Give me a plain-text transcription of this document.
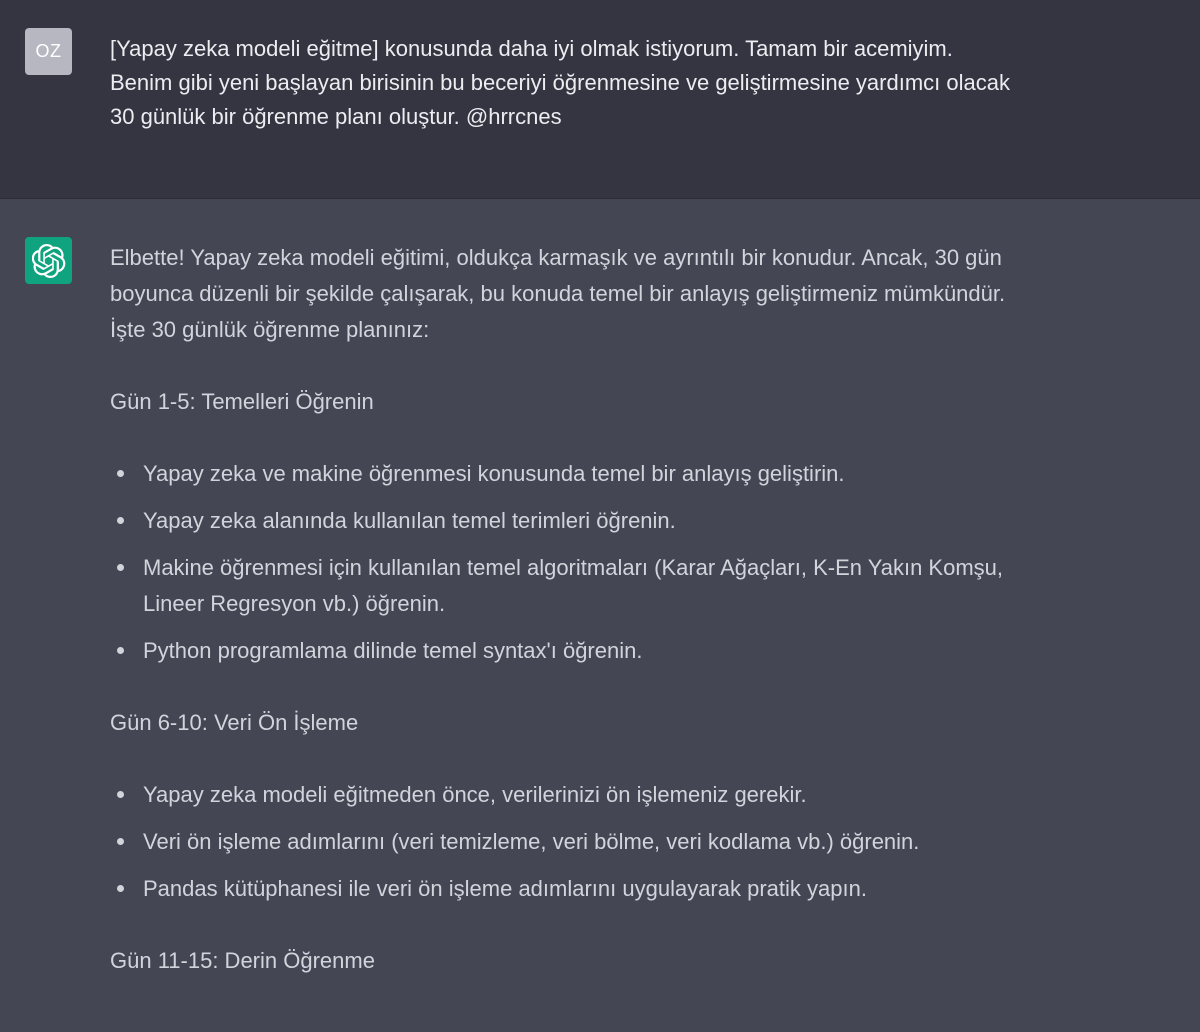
OZ	[Yapay zeka modeli eğitme] konusunda daha iyi olmak istiyorum. Tamam bir acemiyim.
Benim gibi yeni başlayan birisinin bu beceriyi öğrenmesine ve geliştirmesine yardımcı olacak
30 günlük bir öğrenme planı oluştur. @hrrcnes

Elbette! Yapay zeka modeli eğitimi, oldukça karmaşık ve ayrıntılı bir konudur. Ancak, 30 gün
boyunca düzenli bir şekilde çalışarak, bu konuda temel bir anlayış geliştirmeniz mümkündür.
İşte 30 günlük öğrenme planınız:

Gün 1-5: Temelleri Öğrenin

Yapay zeka ve makine öğrenmesi konusunda temel bir anlayış geliştirin.
Yapay zeka alanında kullanılan temel terimleri öğrenin.
Makine öğrenmesi için kullanılan temel algoritmaları (Karar Ağaçları, K-En Yakın Komşu,
Lineer Regresyon vb.) öğrenin.
Python programlama dilinde temel syntax'ı öğrenin.

Gün 6-10: Veri Ön İşleme

Yapay zeka modeli eğitmeden önce, verilerinizi ön işlemeniz gerekir.
Veri ön işleme adımlarını (veri temizleme, veri bölme, veri kodlama vb.) öğrenin.
Pandas kütüphanesi ile veri ön işleme adımlarını uygulayarak pratik yapın.

Gün 11-15: Derin Öğrenme
